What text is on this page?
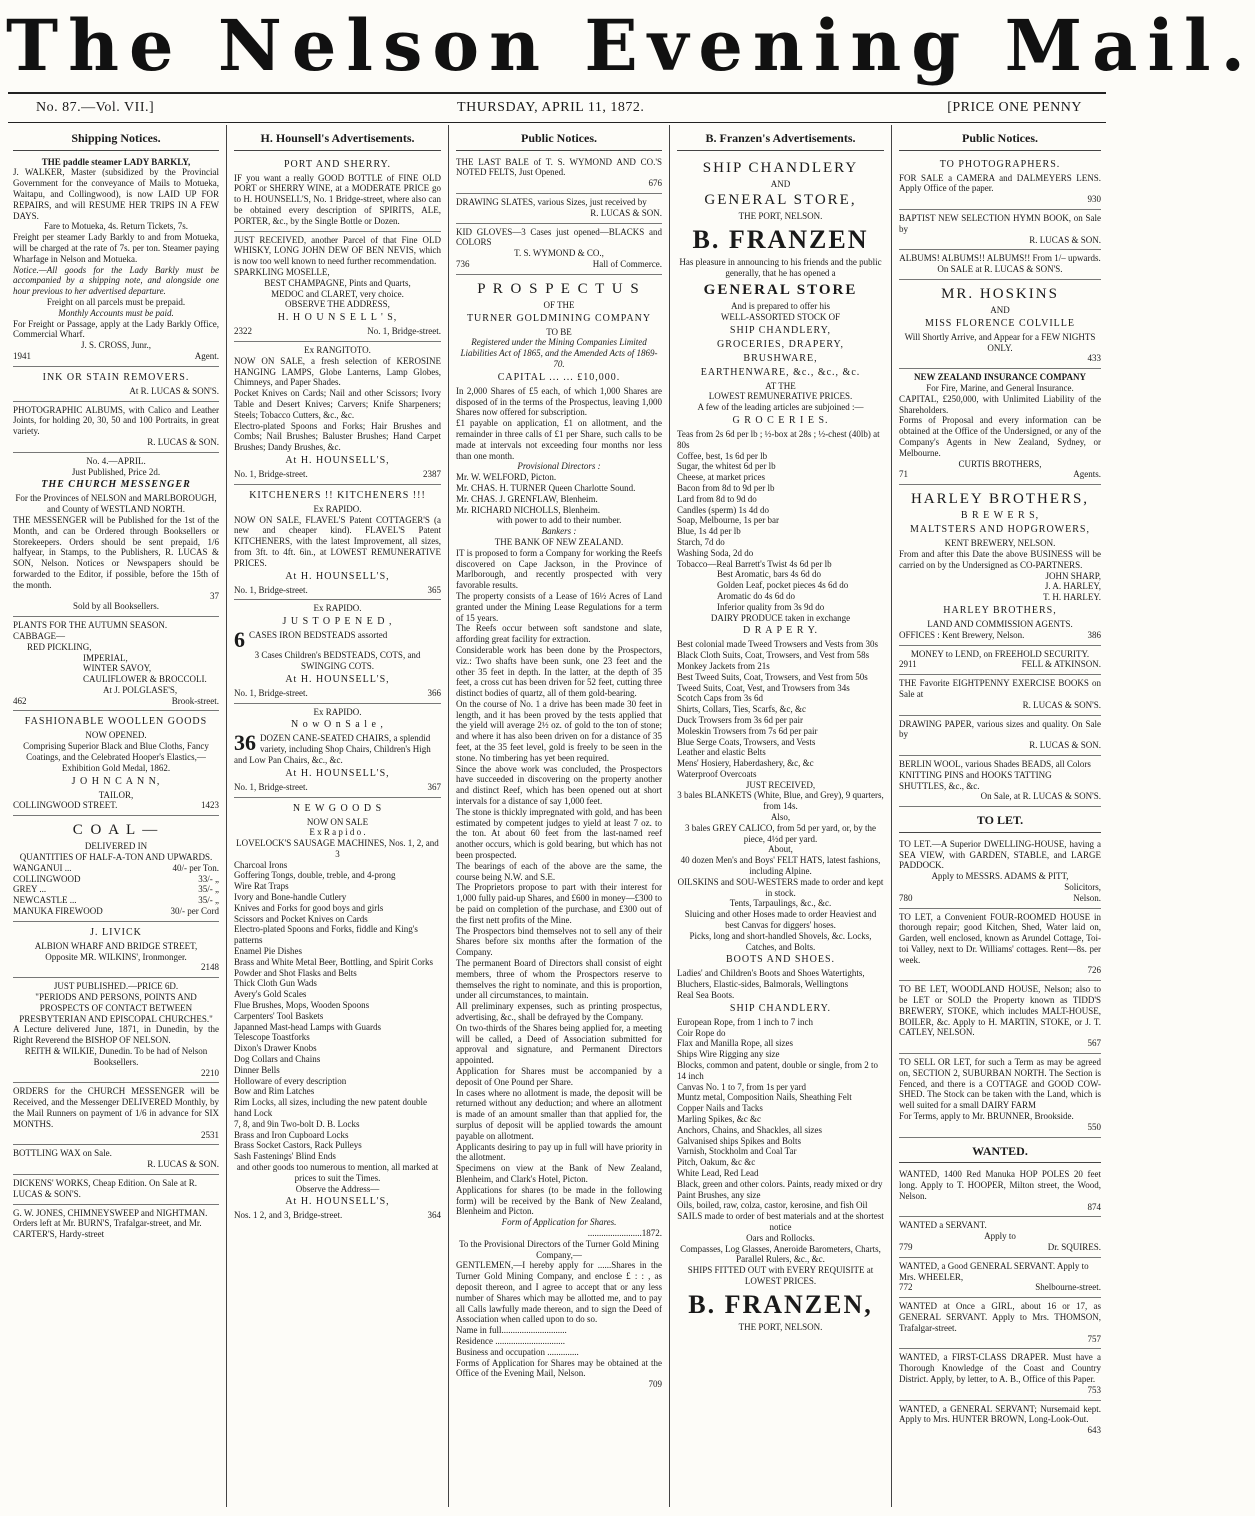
The Nelson Evening Mail.
No. 87.—Vol. VII.]	THURSDAY, APRIL 11, 1872.	[PRICE ONE PENNY
Shipping Notices.
THE paddle steamer LADY BARKLY,
J. WALKER, Master (subsidized by the Provincial Government for the conveyance of Mails to Motueka, Waitapu, and Collingwood), is now LAID UP FOR REPAIRS, and will RESUME HER TRIPS IN A FEW DAYS.
Fare to Motueka, 4s. Return Tickets, 7s.
Freight per steamer Lady Barkly to and from Motueka, will be charged at the rate of 7s. per ton. Steamer paying Wharfage in Nelson and Motueka.
Notice.—All goods for the Lady Barkly must be accompanied by a shipping note, and alongside one hour previous to her advertised departure.
Freight on all parcels must be prepaid.
Monthly Accounts must be paid.
For Freight or Passage, apply at the Lady Barkly Office, Commercial Wharf.
J. S. CROSS, Junr.,
1941	Agent.
INK OR STAIN REMOVERS.
At R. LUCAS & SON'S.
PHOTOGRAPHIC ALBUMS, with Calico and Leather Joints, for holding 20, 30, 50 and 100 Portraits, in great variety.
R. LUCAS & SON.
No. 4.—APRIL.
Just Published, Price 2d.
THE CHURCH MESSENGER
For the Provinces of NELSON and MARLBOROUGH, and County of WESTLAND NORTH.
THE MESSENGER will be Published for the 1st of the Month, and can be Ordered through Booksellers or Storekeepers. Orders should be sent prepaid, 1/6 halfyear, in Stamps, to the Publishers, R. LUCAS & SON, Nelson. Notices or Newspapers should be forwarded to the Editor, if possible, before the 15th of the month.
37
Sold by all Booksellers.
PLANTS FOR THE AUTUMN SEASON.
CABBAGE—
RED PICKLING,
IMPERIAL,
WINTER SAVOY,
CAULIFLOWER & BROCCOLI.
At J. POLGLASE'S,
462	Brook-street.
FASHIONABLE WOOLLEN GOODS
NOW OPENED.
Comprising Superior Black and Blue Cloths, Fancy Coatings, and the Celebrated Hooper's Elastics,—Exhibition Gold Medal, 1862.
J O H N C A N N,
TAILOR,
COLLINGWOOD STREET.	1423
C O A L —
DELIVERED IN
QUANTITIES OF HALF-A-TON AND UPWARDS.
WANGANUI ...	40/- per Ton.
COLLINGWOOD	33/- „
GREY ...	35/- „
NEWCASTLE ...	35/- „
MANUKA FIREWOOD	30/- per Cord
J. LIVICK
ALBION WHARF AND BRIDGE STREET,
Opposite MR. WILKINS', Ironmonger.
2148
JUST PUBLISHED.—PRICE 6D.
"PERIODS AND PERSONS, POINTS AND PROSPECTS OF CONTACT BETWEEN PRESBYTERIAN AND EPISCOPAL CHURCHES."
A Lecture delivered June, 1871, in Dunedin, by the Right Reverend the BISHOP OF NELSON.
REITH & WILKIE, Dunedin. To be had of Nelson Booksellers.
2210
ORDERS for the CHURCH MESSENGER will be Received, and the Messenger DELIVERED Monthly, by the Mail Runners on payment of 1/6 in advance for SIX MONTHS.
2531
BOTTLING WAX on Sale.
R. LUCAS & SON.
DICKENS' WORKS, Cheap Edition. On Sale at R. LUCAS & SON'S.
G. W. JONES, CHIMNEYSWEEP and NIGHTMAN. Orders left at Mr. BURN'S, Trafalgar-street, and Mr. CARTER'S, Hardy-street
H. Hounsell's Advertisements.
PORT AND SHERRY.
IF you want a really GOOD BOTTLE of FINE OLD PORT or SHERRY WINE, at a MODERATE PRICE go to H. HOUNSELL'S, No. 1 Bridge-street, where also can be obtained every description of SPIRITS, ALE, PORTER, &c., by the Single Bottle or Dozen.
JUST RECEIVED, another Parcel of that Fine OLD WHISKY, LONG JOHN DEW OF BEN NEVIS, which is now too well known to need further recommendation.
SPARKLING MOSELLE,
BEST CHAMPAGNE, Pints and Quarts,
MEDOC and CLARET, very choice.
OBSERVE THE ADDRESS,
H. H O U N S E L L ' S,
2322	No. 1, Bridge-street.
Ex RANGITOTO.
NOW ON SALE, a fresh selection of KEROSINE HANGING LAMPS, Globe Lanterns, Lamp Globes, Chimneys, and Paper Shades.
Pocket Knives on Cards; Nail and other Scissors; Ivory Table and Desert Knives; Carvers; Knife Sharpeners; Steels; Tobacco Cutters, &c., &c.
Electro-plated Spoons and Forks; Hair Brushes and Combs; Nail Brushes; Baluster Brushes; Hand Carpet Brushes; Dandy Brushes, &c.
At H. HOUNSELL'S,
No. 1, Bridge-street.	2387
KITCHENERS !! KITCHENERS !!!
Ex RAPIDO.
NOW ON SALE, FLAVEL'S Patent COTTAGER'S (a new and cheaper kind). FLAVEL'S Patent KITCHENERS, with the latest Improvement, all sizes, from 3ft. to 4ft. 6in., at LOWEST REMUNERATIVE PRICES.
At H. HOUNSELL'S,
No. 1, Bridge-street.	365
Ex RAPIDO.
J U S T O P E N E D ,
6 CASES IRON BEDSTEADS assorted
3 Cases Children's BEDSTEADS, COTS, and SWINGING COTS.
At H. HOUNSELL'S,
No. 1, Bridge-street.	366
Ex RAPIDO.
N o w O n S a l e ,
36 DOZEN CANE-SEATED CHAIRS, a splendid variety, including Shop Chairs, Children's High and Low Pan Chairs, &c., &c.
At H. HOUNSELL'S,
No. 1, Bridge-street.	367
N E W G O O D S
NOW ON SALE
E x R a p i d o .
LOVELOCK'S SAUSAGE MACHINES, Nos. 1, 2, and 3
Charcoal Irons
Goffering Tongs, double, treble, and 4-prong
Wire Rat Traps
Ivory and Bone-handle Cutlery
Knives and Forks for good boys and girls
Scissors and Pocket Knives on Cards
Electro-plated Spoons and Forks, fiddle and King's patterns
Enamel Pie Dishes
Brass and White Metal Beer, Bottling, and Spirit Corks
Powder and Shot Flasks and Belts
Thick Cloth Gun Wads
Avery's Gold Scales
Flue Brushes, Mops, Wooden Spoons
Carpenters' Tool Baskets
Japanned Mast-head Lamps with Guards
Telescope Toastforks
Dixon's Drawer Knobs
Dog Collars and Chains
Dinner Bells
Holloware of every description
Bow and Rim Latches
Rim Locks, all sizes, including the new patent double hand Lock
7, 8, and 9in Two-bolt D. B. Locks
Brass and Iron Cupboard Locks
Brass Socket Castors, Rack Pulleys
Sash Fastenings' Blind Ends
and other goods too numerous to mention, all marked at prices to suit the Times.
Observe the Address—
At H. HOUNSELL'S,
Nos. 1 2, and 3, Bridge-street.	364
Public Notices.
THE LAST BALE of T. S. WYMOND AND CO.'S NOTED FELTS, Just Opened.
676
DRAWING SLATES, various Sizes, just received by
R. LUCAS & SON.
KID GLOVES—3 Cases just opened—BLACKS and COLORS
T. S. WYMOND & CO.,
736	Hall of Commerce.
P R O S P E C T U S
OF THE
TURNER GOLDMINING COMPANY
TO BE
Registered under the Mining Companies Limited Liabilities Act of 1865, and the Amended Acts of 1869-70.
CAPITAL ... ... £10,000.
In 2,000 Shares of £5 each, of which 1,000 Shares are disposed of in the terms of the Prospectus, leaving 1,000 Shares now offered for subscription.
£1 payable on application, £1 on allotment, and the remainder in three calls of £1 per Share, such calls to be made at intervals not exceeding four months nor less than one month.
Provisional Directors :
Mr. W. WELFORD, Picton.
Mr. CHAS. H. TURNER Queen Charlotte Sound.
Mr. CHAS. J. GRENFLAW, Blenheim.
Mr. RICHARD NICHOLLS, Blenheim.
with power to add to their number.
Bankers :
THE BANK OF NEW ZEALAND.
IT is proposed to form a Company for working the Reefs discovered on Cape Jackson, in the Province of Marlborough, and recently prospected with very favorable results.
The property consists of a Lease of 16½ Acres of Land granted under the Mining Lease Regulations for a term of 15 years.
The Reefs occur between soft sandstone and slate, affording great facility for extraction.
Considerable work has been done by the Prospectors, viz.: Two shafts have been sunk, one 23 feet and the other 35 feet in depth. In the latter, at the depth of 35 feet, a cross cut has been driven for 52 feet, cutting three distinct bodies of quartz, all of them gold-bearing.
On the course of No. 1 a drive has been made 30 feet in length, and it has been proved by the tests applied that the yield will average 2½ oz. of gold to the ton of stone; and where it has also been driven on for a distance of 35 feet, at the 35 feet level, gold is freely to be seen in the stone. No timbering has yet been required.
Since the above work was concluded, the Prospectors have succeeded in discovering on the property another and distinct Reef, which has been opened out at short intervals for a distance of say 1,000 feet.
The stone is thickly impregnated with gold, and has been estimated by competent judges to yield at least 7 oz. to the ton. At about 60 feet from the last-named reef another occurs, which is gold bearing, but which has not been prospected.
The bearings of each of the above are the same, the course being N.W. and S.E.
The Proprietors propose to part with their interest for 1,000 fully paid-up Shares, and £600 in money—£300 to be paid on completion of the purchase, and £300 out of the first nett profits of the Mine.
The Prospectors bind themselves not to sell any of their Shares before six months after the formation of the Company.
The permanent Board of Directors shall consist of eight members, three of whom the Prospectors reserve to themselves the right to nominate, and this is proportion, under all circumstances, to maintain.
All preliminary expenses, such as printing prospectus, advertising, &c., shall be defrayed by the Company.
On two-thirds of the Shares being applied for, a meeting will be called, a Deed of Association submitted for approval and signature, and Permanent Directors appointed.
Application for Shares must be accompanied by a deposit of One Pound per Share.
In cases where no allotment is made, the deposit will be returned without any deduction; and where an allotment is made of an amount smaller than that applied for, the surplus of deposit will be applied towards the amount payable on allotment.
Applicants desiring to pay up in full will have priority in the allotment.
Specimens on view at the Bank of New Zealand, Blenheim, and Clark's Hotel, Picton.
Applications for shares (to be made in the following form) will be received by the Bank of New Zealand, Blenheim and Picton.
Form of Application for Shares.
........................1872.
To the Provisional Directors of the Turner Gold Mining Company,—
GENTLEMEN,—I hereby apply for ......Shares in the Turner Gold Mining Company, and enclose £ : : , as deposit thereon, and I agree to accept that or any less number of Shares which may be allotted me, and to pay all Calls lawfully made thereon, and to sign the Deed of Association when called upon to do so.
Name in full.............................
Residence ...............................
Business and occupation ..............
Forms of Application for Shares may be obtained at the Office of the Evening Mail, Nelson.
709
B. Franzen's Advertisements.
SHIP CHANDLERY
AND
GENERAL STORE,
THE PORT, NELSON.
B. FRANZEN
Has pleasure in announcing to his friends and the public generally, that he has opened a
GENERAL STORE
And is prepared to offer his
WELL-ASSORTED STOCK OF
SHIP CHANDLERY,
GROCERIES, DRAPERY,
BRUSHWARE,
EARTHENWARE, &c., &c., &c.
AT THE
LOWEST REMUNERATIVE PRICES.
A few of the leading articles are subjoined :—
G R O C E R I E S.
Teas from 2s 6d per lb ; ½-box at 28s ; ½-chest (40lb) at 80s
Coffee, best, 1s 6d per lb
Sugar, the whitest 6d per lb
Cheese, at market prices
Bacon from 8d to 9d per lb
Lard from 8d to 9d do
Candles (sperm) 1s 4d do
Soap, Melbourne, 1s per bar
Blue, 1s 4d per lb
Starch, 7d do
Washing Soda, 2d do
Tobacco—Real Barrett's Twist 4s 6d per lb
Best Aromatic, bars 4s 6d do
Golden Leaf, pocket pieces 4s 6d do
Aromatic do 4s 6d do
Inferior quality from 3s 9d do
DAIRY PRODUCE taken in exchange
D R A P E R Y.
Best colonial made Tweed Trowsers and Vests from 30s
Black Cloth Suits, Coat, Trowsers, and Vest from 58s
Monkey Jackets from 21s
Best Tweed Suits, Coat, Trowsers, and Vest from 50s
Tweed Suits, Coat, Vest, and Trowsers from 34s
Scotch Caps from 3s 6d
Shirts, Collars, Ties, Scarfs, &c, &c
Duck Trowsers from 3s 6d per pair
Moleskin Trowsers from 7s 6d per pair
Blue Serge Coats, Trowsers, and Vests
Leather and elastic Belts
Mens' Hosiery, Haberdashery, &c, &c
Waterproof Overcoats
JUST RECEIVED,
3 bales BLANKETS (White, Blue, and Grey), 9 quarters, from 14s.
Also,
3 bales GREY CALICO, from 5d per yard, or, by the piece, 4½d per yard.
About,
40 dozen Men's and Boys' FELT HATS, latest fashions, including Alpine.
OILSKINS and SOU-WESTERS made to order and kept in stock.
Tents, Tarpaulings, &c., &c.
Sluicing and other Hoses made to order Heaviest and best Canvas for diggers' hoses.
Picks, long and short-handled Shovels, &c. Locks, Catches, and Bolts.
BOOTS AND SHOES.
Ladies' and Children's Boots and Shoes Watertights, Bluchers, Elastic-sides, Balmorals, Wellingtons
Real Sea Boots.
SHIP CHANDLERY.
European Rope, from 1 inch to 7 inch
Coir Rope do
Flax and Manilla Rope, all sizes
Ships Wire Rigging any size
Blocks, common and patent, double or single, from 2 to 14 inch
Canvas No. 1 to 7, from 1s per yard
Muntz metal, Composition Nails, Sheathing Felt
Copper Nails and Tacks
Marling Spikes, &c &c
Anchors, Chains, and Shackles, all sizes
Galvanised ships Spikes and Bolts
Varnish, Stockholm and Coal Tar
Pitch, Oakum, &c &c
White Lead, Red Lead
Black, green and other colors. Paints, ready mixed or dry
Paint Brushes, any size
Oils, boiled, raw, colza, castor, kerosine, and fish Oil
SAILS made to order of best materials and at the shortest notice
Oars and Rollocks.
Compasses, Log Glasses, Aneroide Barometers, Charts, Parallel Rulers, &c., &c.
SHIPS FITTED OUT with EVERY REQUISITE at LOWEST PRICES.
B. FRANZEN,
THE PORT, NELSON.
Public Notices.
TO PHOTOGRAPHERS.
FOR SALE a CAMERA and DALMEYERS LENS. Apply Office of the paper.
930
BAPTIST NEW SELECTION HYMN BOOK, on Sale by
R. LUCAS & SON.
ALBUMS! ALBUMS!! ALBUMS!! From 1/– upwards. On SALE at R. LUCAS & SON'S.
MR. HOSKINS
AND
MISS FLORENCE COLVILLE
Will Shortly Arrive, and Appear for a FEW NIGHTS ONLY.
433
NEW ZEALAND INSURANCE COMPANY
For Fire, Marine, and General Insurance.
CAPITAL, £250,000, with Unlimited Liability of the Shareholders.
Forms of Proposal and every information can be obtained at the Office of the Undersigned, or any of the Company's Agents in New Zealand, Sydney, or Melbourne.
CURTIS BROTHERS,
71	Agents.
HARLEY BROTHERS,
B R E W E R S,
MALTSTERS AND HOPGROWERS,
KENT BREWERY, NELSON.
From and after this Date the above BUSINESS will be carried on by the Undersigned as CO-PARTNERS.
JOHN SHARP,
J. A. HARLEY,
T. H. HARLEY.
HARLEY BROTHERS,
LAND AND COMMISSION AGENTS.
OFFICES : Kent Brewery, Nelson.	386
MONEY to LEND, on FREEHOLD SECURITY.
2911	FELL & ATKINSON.
THE Favorite EIGHTPENNY EXERCISE BOOKS on Sale at
R. LUCAS & SON'S.
DRAWING PAPER, various sizes and quality. On Sale by
R. LUCAS & SON.
BERLIN WOOL, various Shades BEADS, all Colors KNITTING PINS and HOOKS TATTING SHUTTLES, &c., &c.
On Sale, at R. LUCAS & SON'S.
TO LET.
TO LET.—A Superior DWELLING-HOUSE, having a SEA VIEW, with GARDEN, STABLE, and LARGE PADDOCK.
Apply to MESSRS. ADAMS & PITT,
Solicitors,
780	Nelson.
TO LET, a Convenient FOUR-ROOMED HOUSE in thorough repair; good Kitchen, Shed, Water laid on, Garden, well enclosed, known as Arundel Cottage, Toi-toi Valley, next to Dr. Williams' cottages. Rent—8s. per week.
726
TO BE LET, WOODLAND HOUSE, Nelson; also to be LET or SOLD the Property known as TIDD'S BREWERY, STOKE, which includes MALT-HOUSE, BOILER, &c. Apply to H. MARTIN, STOKE, or J. T. CATLEY, NELSON.
567
TO SELL OR LET, for such a Term as may be agreed on, SECTION 2, SUBURBAN NORTH. The Section is Fenced, and there is a COTTAGE and GOOD COW-SHED. The Stock can be taken with the Land, which is well suited for a small DAIRY FARM
For Terms, apply to Mr. BRUNNER, Brookside.
550
WANTED.
WANTED, 1400 Red Manuka HOP POLES 20 feet long. Apply to T. HOOPER, Milton street, the Wood, Nelson.
874
WANTED a SERVANT.
Apply to
779	Dr. SQUIRES.
WANTED, a Good GENERAL SERVANT. Apply to Mrs. WHEELER,
772	Shelbourne-street.
WANTED at Once a GIRL, about 16 or 17, as GENERAL SERVANT. Apply to Mrs. THOMSON, Trafalgar-street.
757
WANTED, a FIRST-CLASS DRAPER. Must have a Thorough Knowledge of the Coast and Country District. Apply, by letter, to A. B., Office of this Paper.
753
WANTED, a GENERAL SERVANT; Nursemaid kept. Apply to Mrs. HUNTER BROWN, Long-Look-Out.
643
